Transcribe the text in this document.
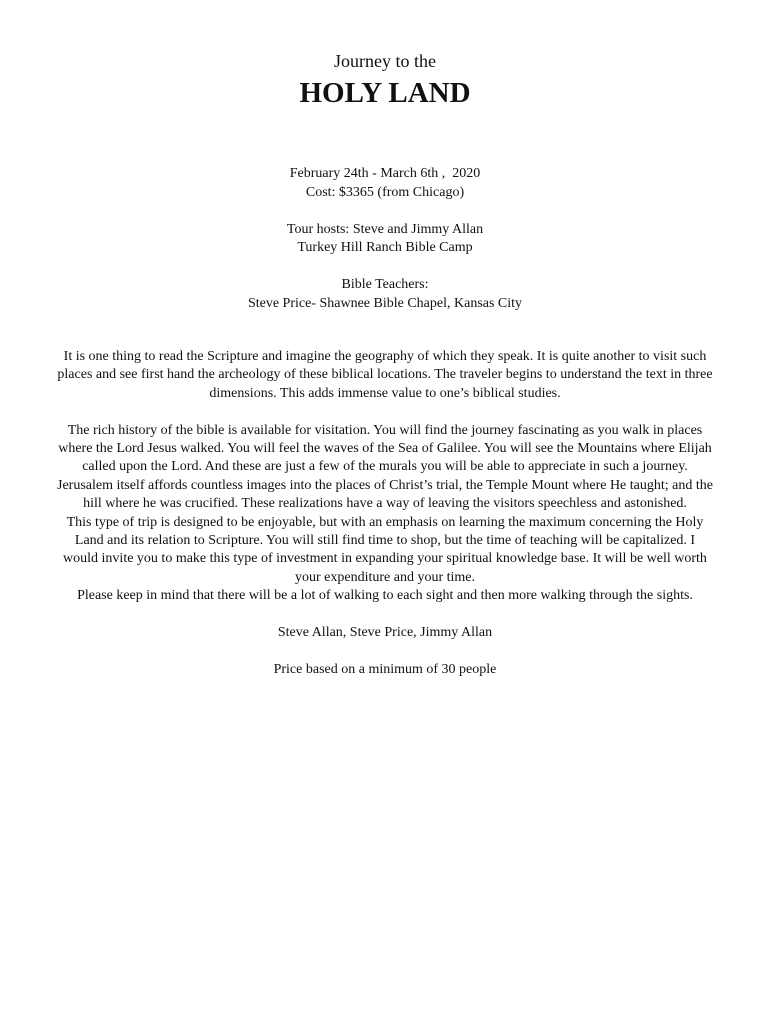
Journey to the
HOLY LAND
February 24th - March 6th ,  2020
Cost: $3365 (from Chicago)
Tour hosts: Steve and Jimmy Allan
Turkey Hill Ranch Bible Camp
Bible Teachers:
Steve Price- Shawnee Bible Chapel, Kansas City

It is one thing to read the Scripture and imagine the geography of which they speak. It is quite another to visit such places and see first hand the archeology of these biblical locations. The traveler begins to understand the text in three dimensions. This adds immense value to one’s biblical studies.

The rich history of the bible is available for visitation. You will find the journey fascinating as you walk in places where the Lord Jesus walked. You will feel the waves of the Sea of Galilee. You will see the Mountains where Elijah called upon the Lord. And these are just a few of the murals you will be able to appreciate in such a journey. Jerusalem itself affords countless images into the places of Christ’s trial, the Temple Mount where He taught; and the hill where he was crucified. These realizations have a way of leaving the visitors speechless and astonished.

This type of trip is designed to be enjoyable, but with an emphasis on learning the maximum concerning the Holy Land and its relation to Scripture. You will still find time to shop, but the time of teaching will be capitalized. I would invite you to make this type of investment in expanding your spiritual knowledge base. It will be well worth your expenditure and your time.

Please keep in mind that there will be a lot of walking to each sight and then more walking through the sights.

Steve Allan, Steve Price, Jimmy Allan

Price based on a minimum of 30 people
